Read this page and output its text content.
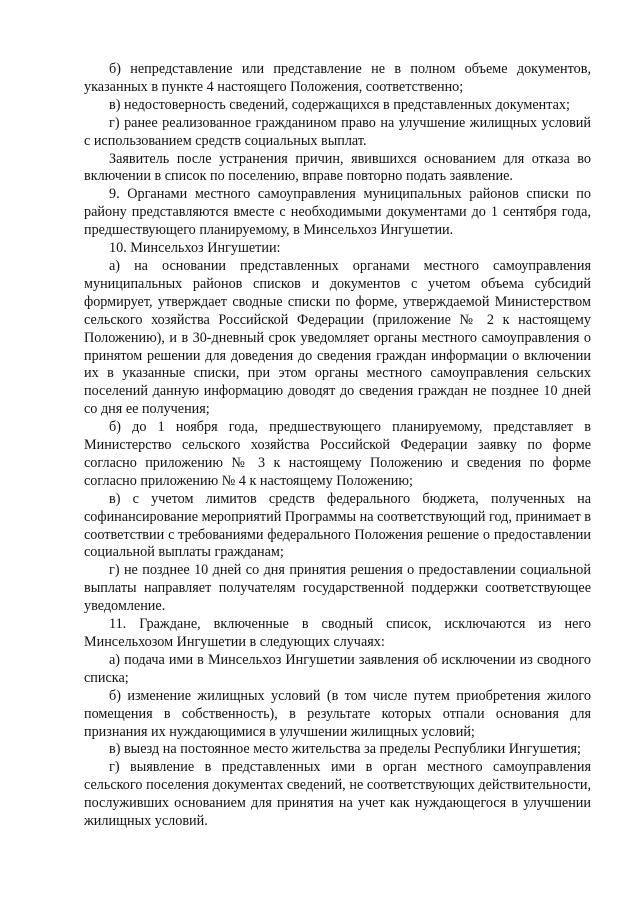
б) непредставление или представление не в полном объеме документов, указанных в пункте 4 настоящего Положения, соответственно;

в) недостоверность сведений, содержащихся в представленных документах;

г) ранее реализованное гражданином право на улучшение жилищных условий с использованием средств социальных выплат.

Заявитель после устранения причин, явившихся основанием для отказа во включении в список по поселению, вправе повторно подать заявление.

9. Органами местного самоуправления муниципальных районов списки по району представляются вместе с необходимыми документами до 1 сентября года, предшествующего планируемому, в Минсельхоз Ингушетии.

10. Минсельхоз Ингушетии:

а) на основании представленных органами местного самоуправления муниципальных районов списков и документов с учетом объема субсидий формирует, утверждает сводные списки по форме, утверждаемой Министерством сельского хозяйства Российской Федерации (приложение № 2 к настоящему Положению), и в 30-дневный срок уведомляет органы местного самоуправления о принятом решении для доведения до сведения граждан информации о включении их в указанные списки, при этом органы местного самоуправления сельских поселений данную информацию доводят до сведения граждан не позднее 10 дней со дня ее получения;

б) до 1 ноября года, предшествующего планируемому, представляет в Министерство сельского хозяйства Российской Федерации заявку по форме согласно приложению № 3 к настоящему Положению и сведения по форме согласно приложению № 4 к настоящему Положению;

в) с учетом лимитов средств федерального бюджета, полученных на софинансирование мероприятий Программы на соответствующий год, принимает в соответствии с требованиями федерального Положения решение о предоставлении социальной выплаты гражданам;

г) не позднее 10 дней со дня принятия решения о предоставлении социальной выплаты направляет получателям государственной поддержки соответствующее уведомление.

11. Граждане, включенные в сводный список, исключаются из него Минсельхозом Ингушетии в следующих случаях:

а) подача ими в Минсельхоз Ингушетии заявления об исключении из сводного списка;

б) изменение жилищных условий (в том числе путем приобретения жилого помещения в собственность), в результате которых отпали основания для признания их нуждающимися в улучшении жилищных условий;

в) выезд на постоянное место жительства за пределы Республики Ингушетия;

г) выявление в представленных ими в орган местного самоуправления сельского поселения документах сведений, не соответствующих действительности, послуживших основанием для принятия на учет как нуждающегося в улучшении жилищных условий.
